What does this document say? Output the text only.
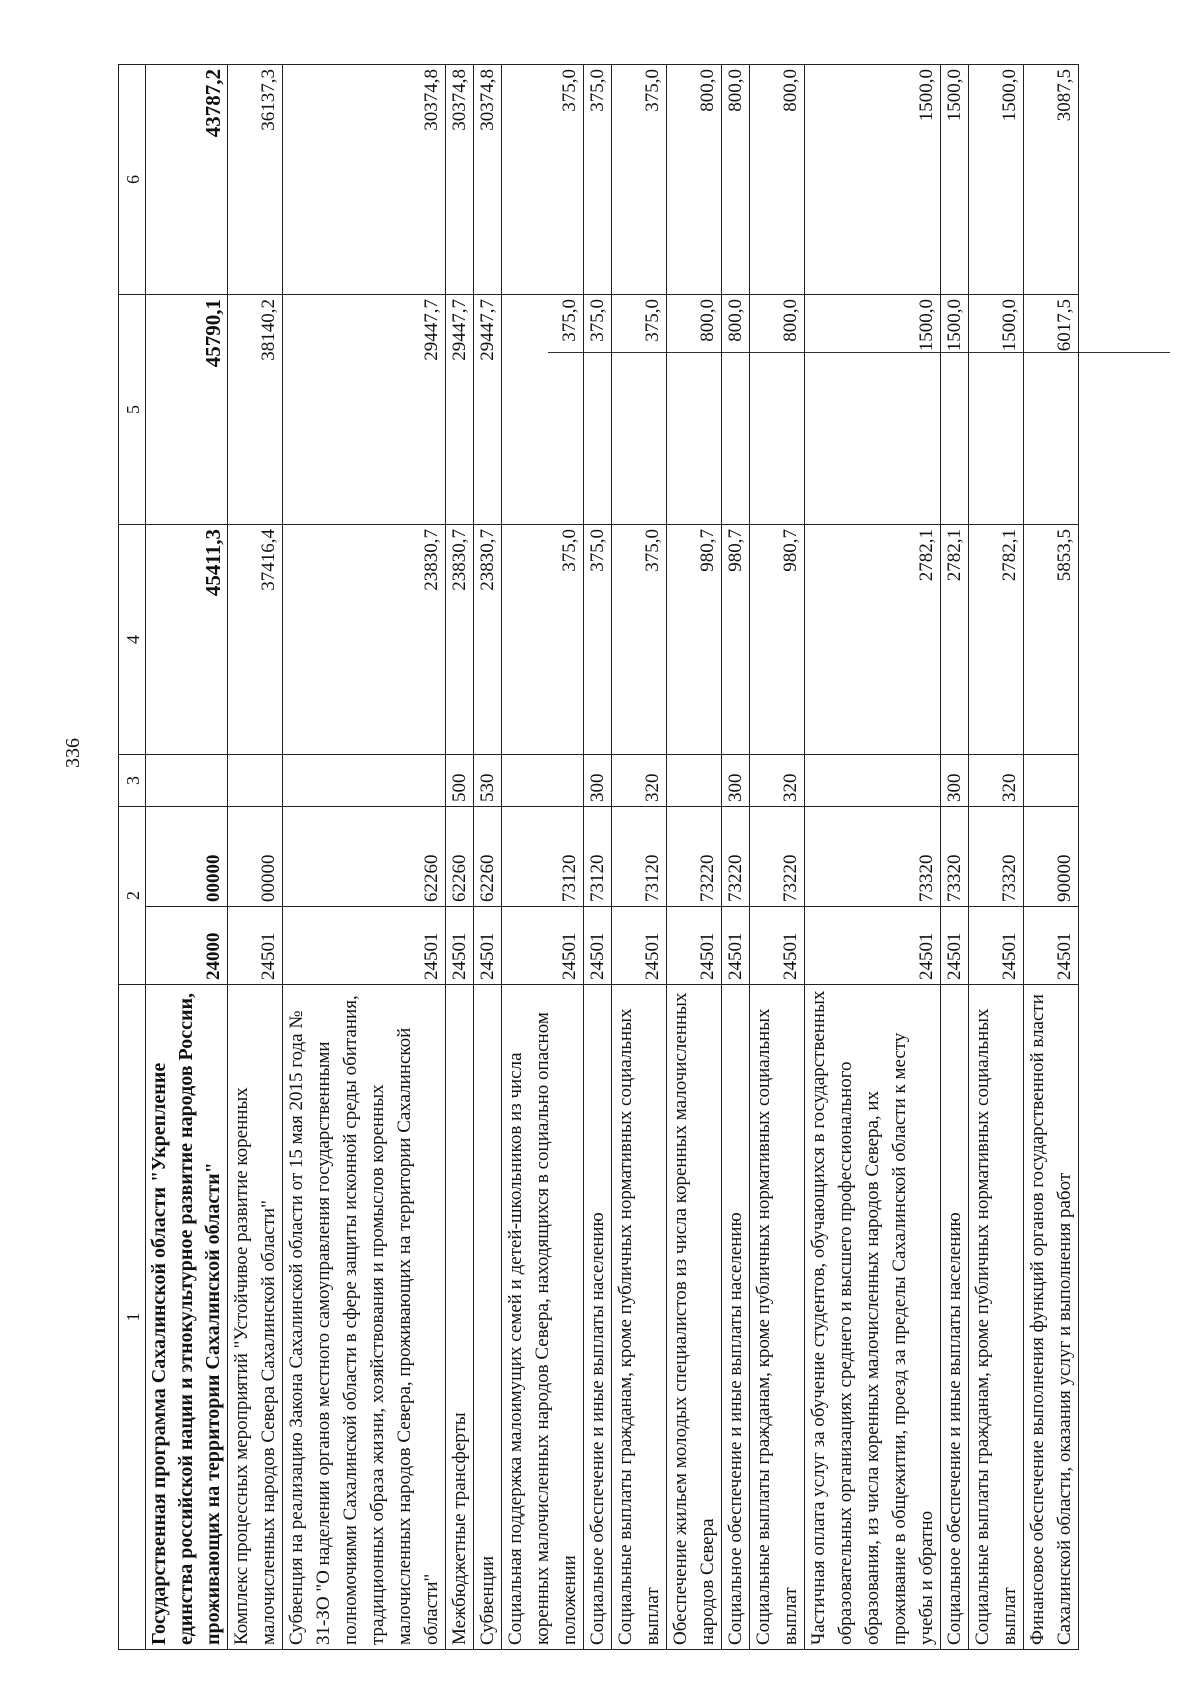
336
1	2		3	4	5	6
Государственная программа Сахалинской области "Укрепление единства российской нации и этнокультурное развитие народов России, проживающих на территории Сахалинской области"	24000	00000		45411,3	45790,1	43787,2
Комплекс процессных мероприятий "Устойчивое развитие коренных малочисленных народов Севера Сахалинской области"	24501	00000		37416,4	38140,2	36137,3
Субвенция на реализацию Закона Сахалинской области от 15 мая 2015 года № 31-ЗО "О наделении органов местного самоуправления государственными полномочиями Сахалинской области в сфере защиты исконной среды обитания, традиционных образа жизни, хозяйствования и промыслов коренных малочисленных народов Севера, проживающих на территории Сахалинской области"	24501	62260		23830,7	29447,7	30374,8
Межбюджетные трансферты	24501	62260	500	23830,7	29447,7	30374,8
Субвенции	24501	62260	530	23830,7	29447,7	30374,8
Социальная поддержка малоимущих семей и детей-школьников из числа коренных малочисленных народов Севера, находящихся в социально опасном положении	24501	73120		375,0	375,0	375,0
Социальное обеспечение и иные выплаты населению	24501	73120	300	375,0	375,0	375,0
Социальные выплаты гражданам, кроме публичных нормативных социальных выплат	24501	73120	320	375,0	375,0	375,0
Обеспечение жильем молодых специалистов из числа коренных малочисленных народов Севера	24501	73220		980,7	800,0	800,0
Социальное обеспечение и иные выплаты населению	24501	73220	300	980,7	800,0	800,0
Социальные выплаты гражданам, кроме публичных нормативных социальных выплат	24501	73220	320	980,7	800,0	800,0
Частичная оплата услуг за обучение студентов, обучающихся в государственных образовательных организациях среднего и высшего профессионального образования, из числа коренных малочисленных народов Севера, их проживание в общежитии, проезд за пределы Сахалинской области к месту учебы и обратно	24501	73320		2782,1	1500,0	1500,0
Социальное обеспечение и иные выплаты населению	24501	73320	300	2782,1	1500,0	1500,0
Социальные выплаты гражданам, кроме публичных нормативных социальных выплат	24501	73320	320	2782,1	1500,0	1500,0
Финансовое обеспечение выполнения функций органов государственной власти Сахалинской области, оказания услуг и выполнения работ	24501	90000		5853,5	6017,5	3087,5
